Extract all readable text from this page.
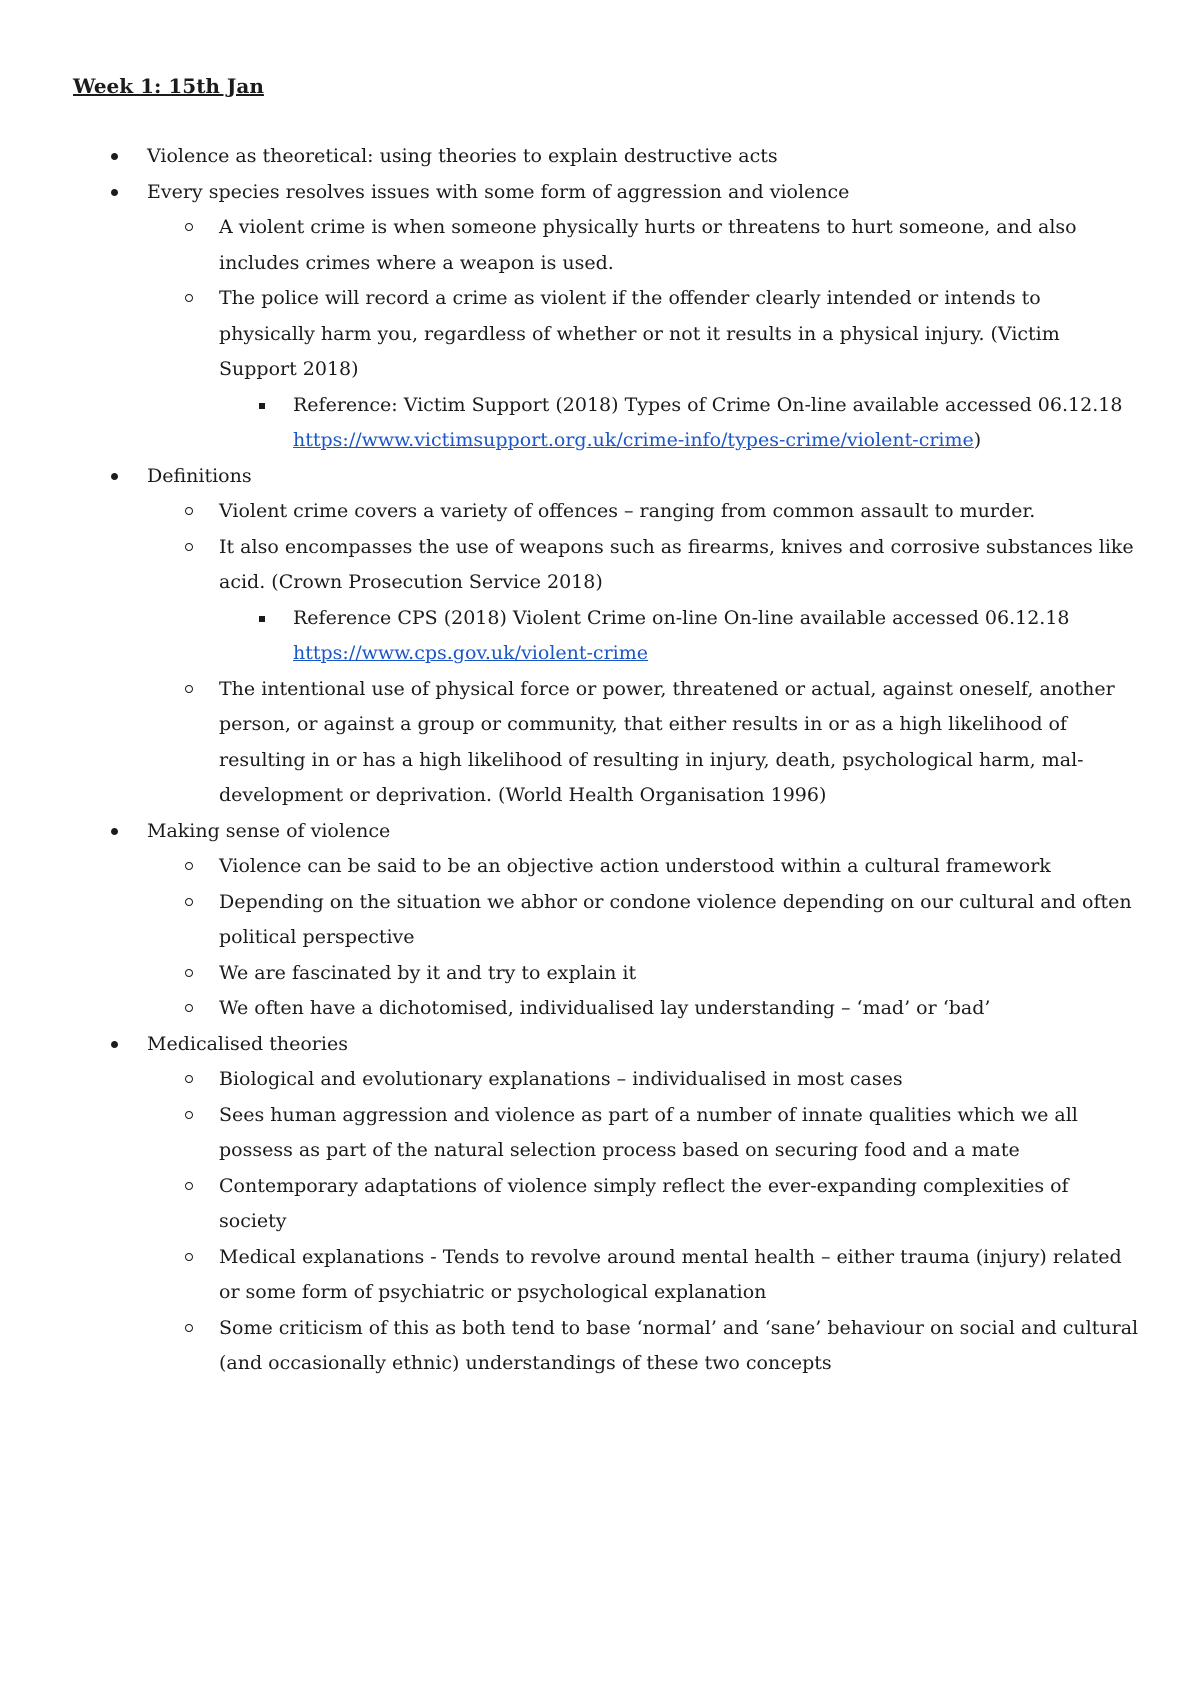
Week 1: 15th Jan
Violence as theoretical: using theories to explain destructive acts
Every species resolves issues with some form of aggression and violence
A violent crime is when someone physically hurts or threatens to hurt someone, and also includes crimes where a weapon is used.
The police will record a crime as violent if the offender clearly intended or intends to physically harm you, regardless of whether or not it results in a physical injury. (Victim Support 2018)
Reference: Victim Support (2018) Types of Crime On-line available accessed 06.12.18 https://www.victimsupport.org.uk/crime-info/types-crime/violent-crime)
Definitions
Violent crime covers a variety of offences – ranging from common assault to murder.
It also encompasses the use of weapons such as firearms, knives and corrosive substances like acid. (Crown Prosecution Service 2018)
Reference CPS (2018) Violent Crime on-line On-line available accessed 06.12.18 https://www.cps.gov.uk/violent-crime
The intentional use of physical force or power, threatened or actual, against oneself, another person, or against a group or community, that either results in or as a high likelihood of resulting in or has a high likelihood of resulting in injury, death, psychological harm, mal-development or deprivation. (World Health Organisation 1996)
Making sense of violence
Violence can be said to be an objective action understood within a cultural framework
Depending on the situation we abhor or condone violence depending on our cultural and often political perspective
We are fascinated by it and try to explain it
We often have a dichotomised, individualised lay understanding – ‘mad’ or ‘bad’
Medicalised theories
Biological and evolutionary explanations – individualised in most cases
Sees human aggression and violence as part of a number of innate qualities which we all possess as part of the natural selection process based on securing food and a mate
Contemporary adaptations of violence simply reflect the ever-expanding complexities of society
Medical explanations - Tends to revolve around mental health – either trauma (injury) related or some form of psychiatric or psychological explanation
Some criticism of this as both tend to base ‘normal’ and ‘sane’ behaviour on social and cultural (and occasionally ethnic) understandings of these two concepts
